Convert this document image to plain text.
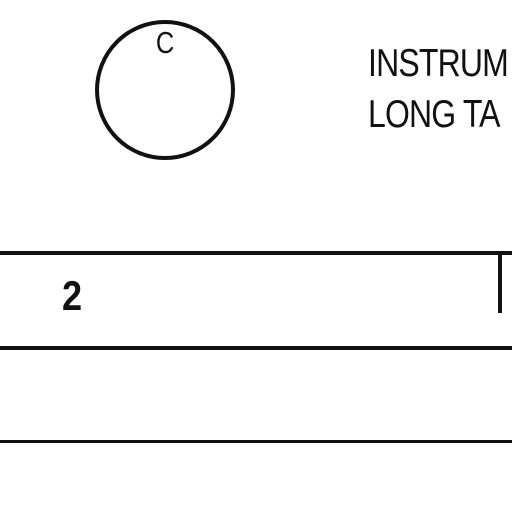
C	INSTRUM
LONG TA
2
